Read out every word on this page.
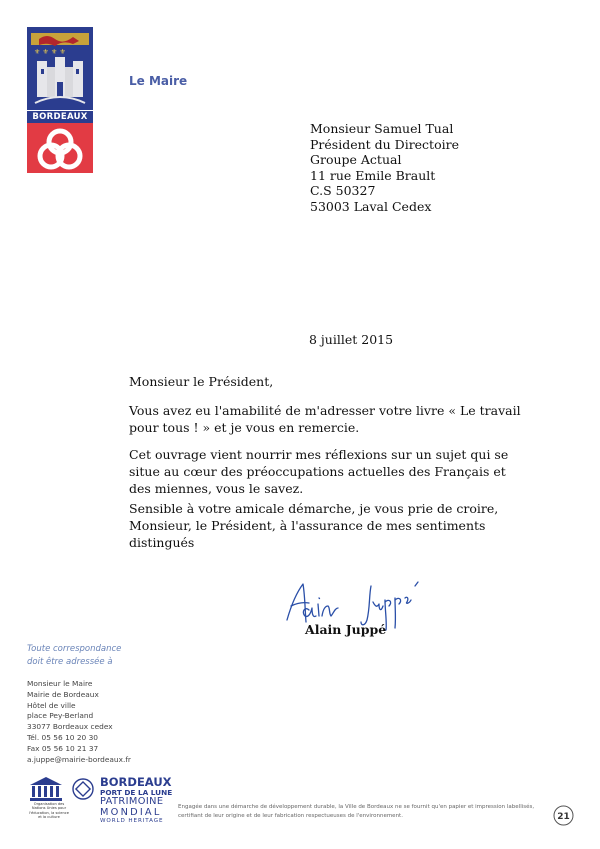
⚜ ⚜ ⚜ ⚜
BORDEAUX
Le Maire
Monsieur Samuel Tual
Président du Directoire
Groupe Actual
11 rue Emile Brault
C.S 50327
53003 Laval Cedex
8 juillet 2015
Monsieur le Président,
Vous avez eu l'amabilité de m'adresser votre livre « Le travail pour tous ! » et je vous en remercie.
Cet ouvrage vient nourrir mes réflexions sur un sujet qui se situe au cœur des préoccupations actuelles des Français et des miennes, vous le savez.
Sensible à votre amicale démarche, je vous prie de croire, Monsieur, le Président, à l'assurance de mes sentiments distingués
Alain Juppé
Toute correspondance
doit être adressée à
Monsieur le Maire
Mairie de Bordeaux
Hôtel de ville
place Pey-Berland
33077 Bordeaux cedex
Tél. 05 56 10 20 30
Fax 05 56 10 21 37
a.juppe@mairie-bordeaux.fr
Organisation des Nations Unies pour l'éducation, la science et la culture
BORDEAUX
PORT DE LA LUNE
PATRIMOINE
MONDIAL
WORLD HERITAGE
Engagée dans une démarche de développement durable, la Ville de Bordeaux ne se fournit qu'en papier et impression labellisés,
certifiant de leur origine et de leur fabrication respectueuses de l'environnement.	21
